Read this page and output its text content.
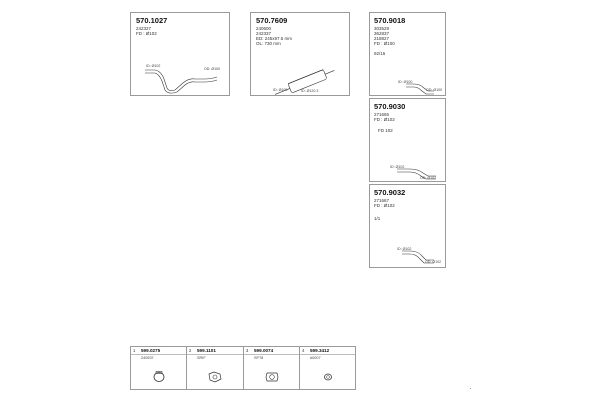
570.1027
242327
FD : Ø102
ID: Ø102
OD: Ø100
570.7609
240600
242337
ED: 245x97.5 mm
OL: 730 mm
ID: Ø100	ID: Ø120.3
570.9018
303529
362837
218827
FD : Ø100
92/16
ID: Ø100
OD: Ø100
570.9030
271665
FD : Ø102
FD 102
ID: Ø102
OD: Ø102
570.9032
271667
FD : Ø102
1/1
ID: Ø102
OD: Ø102
1 599.0275
240537
2 599.1101
SRIF
3 599.0074
SP78
4 599.3412
#0007
